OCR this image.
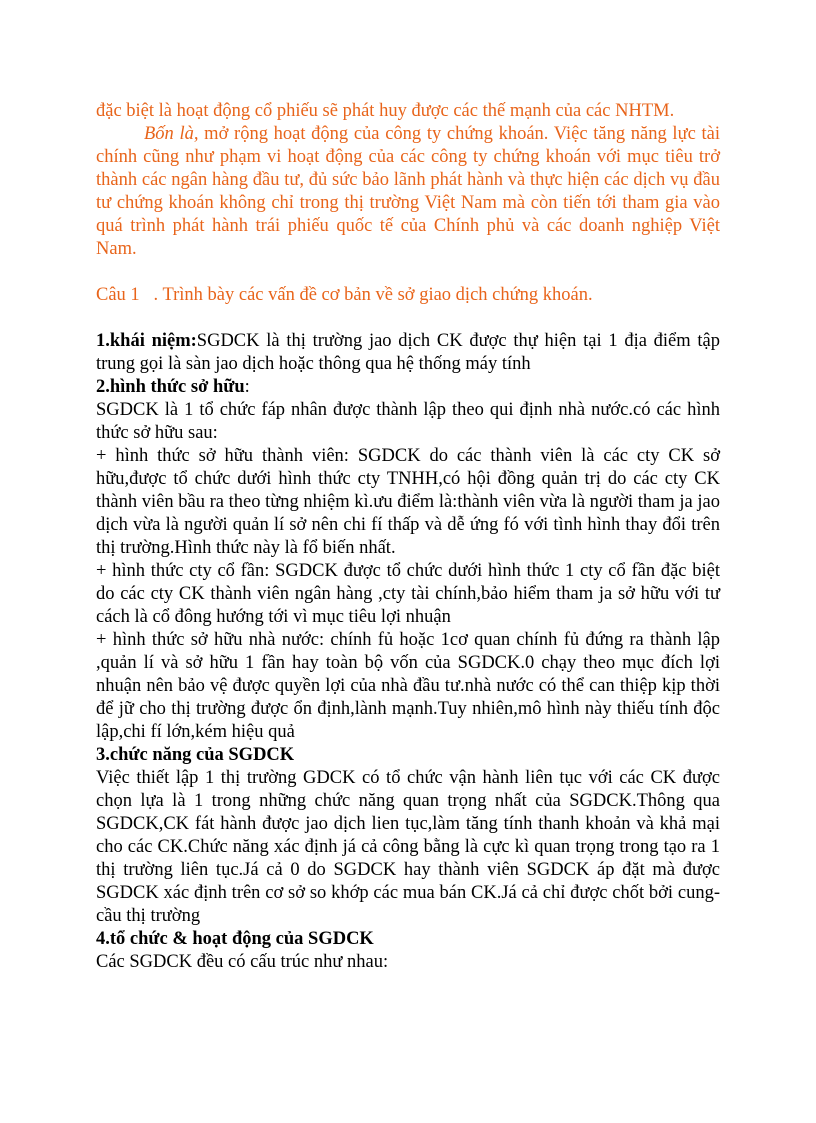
đặc biệt là hoạt động cổ phiếu sẽ phát huy được các thế mạnh của các NHTM.

Bốn là, mở rộng hoạt động của công ty chứng khoán. Việc tăng năng lực tài chính cũng như phạm vi hoạt động của các công ty chứng khoán với mục tiêu trở thành các ngân hàng đầu tư, đủ sức bảo lãnh phát hành và thực hiện các dịch vụ đầu tư chứng khoán không chỉ trong thị trường Việt Nam mà còn tiến tới tham gia vào quá trình phát hành trái phiếu quốc tế của Chính phủ và các doanh nghiệp Việt Nam.

Câu 1   . Trình bày các vấn đề cơ bản về sở giao dịch chứng khoán.

1.khái niệm:SGDCK là thị trường jao dịch CK được thự hiện tại 1 địa điểm tập trung gọi là sàn jao dịch hoặc thông qua hệ thống máy tính

2.hình thức sở hữu:

SGDCK là 1 tổ chức fáp nhân được thành lập theo qui định nhà nước.có các hình thức sở hữu sau:

+ hình thức sở hữu thành viên: SGDCK do các thành viên là các cty CK sở hữu,được tổ chức dưới hình thức cty TNHH,có hội đồng quản trị do các cty CK thành viên bầu ra theo từng nhiệm kì.ưu điểm là:thành viên vừa là người tham ja jao dịch vừa là người quản lí sở nên chi fí thấp và dễ ứng fó với tình hình thay đổi trên thị trường.Hình thức này là fổ biến nhất.

+ hình thức cty cổ fần: SGDCK được tổ chức dưới hình thức 1 cty cổ fần đặc biệt do các cty CK thành viên ngân hàng ,cty tài chính,bảo hiểm tham ja sở hữu với tư cách là cổ đông hướng tới vì mục tiêu lợi nhuận

+ hình thức sở hữu nhà nước: chính fủ hoặc 1cơ quan chính fủ đứng ra thành lập ,quản lí và sở hữu 1 fần hay toàn bộ vốn của SGDCK.0 chạy theo mục đích lợi nhuận nên bảo vệ được quyền lợi của nhà đầu tư.nhà nước có thể can thiệp kịp thời để jữ cho thị trường được ổn định,lành mạnh.Tuy nhiên,mô hình này thiếu tính độc lập,chi fí lớn,kém hiệu quả

3.chức năng của SGDCK

Việc thiết lập 1 thị trường GDCK có tổ chức vận hành liên tục với các CK được chọn lựa là 1 trong những chức năng quan trọng nhất của SGDCK.Thông qua SGDCK,CK fát hành được jao dịch lien tục,làm tăng tính thanh khoản và khả mại cho các CK.Chức năng xác định já cả công bằng là cực kì quan trọng trong tạo ra 1 thị trường liên tục.Já cả 0 do SGDCK hay thành viên SGDCK áp đặt mà được SGDCK xác định trên cơ sở so khớp các mua bán CK.Já cả chỉ được chốt bởi cung-cầu thị trường

4.tổ chức & hoạt động của SGDCK

Các SGDCK đều có cấu trúc như nhau:
